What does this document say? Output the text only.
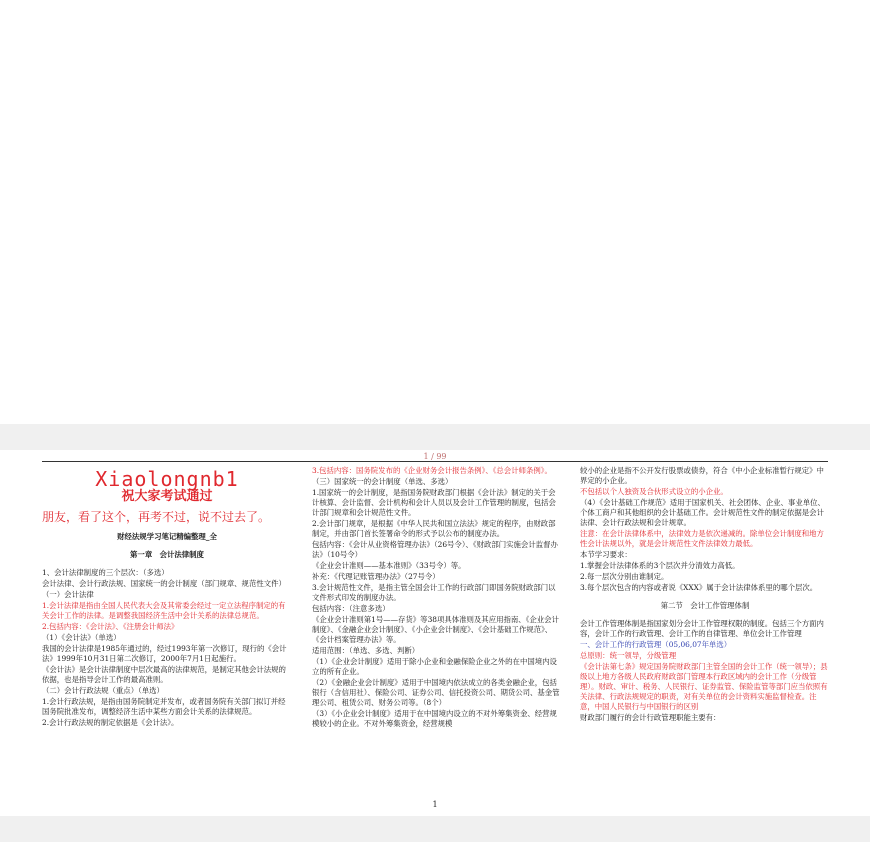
1 / 99
Xiaolongnb1
祝大家考试通过
朋友，看了这个，再考不过，说不过去了。
财经法规学习笔记精编整理_全
第一章　会计法律制度

1、会计法律制度的三个层次：（多选）

会计法律、会计行政法规、国家统一的会计制度（部门规章、规范性文件）

（一）会计法律

1.会计法律是指由全国人民代表大会及其常委会经过一定立法程序制定的有关会计工作的法律。是调整我国经济生活中会计关系的法律总规范。

2.包括内容：《会计法》、《注册会计师法》

（1）《会计法》（单选）

我国的会计法律是1985年通过的，经过1993年第一次修订，现行的《会计法》1999年10月31日第二次修订，2000年7月1日起施行。

《会计法》是会计法律制度中层次最高的法律规范，是制定其他会计法规的依据，也是指导会计工作的最高准则。

（二）会计行政法规（重点）（单选）

1.会计行政法规，是指由国务院制定并发布，或者国务院有关部门拟订并经国务院批准发布，调整经济生活中某些方面会计关系的法律规范。

2.会计行政法规的制定依据是《会计法》。

3.包括内容：国务院发布的《企业财务会计报告条例》、《总会计师条例》。

（三）国家统一的会计制度（单选、多选）

1.国家统一的会计制度，是指国务院财政部门根据《会计法》制定的关于会计核算、会计监督、会计机构和会计人员以及会计工作管理的制度，包括会计部门规章和会计规范性文件。

2.会计部门规章，是根据《中华人民共和国立法法》规定的程序，由财政部制定，并由部门首长签署命令的形式予以公布的制度办法。

包括内容：《会计从业资格管理办法》（26号令）、《财政部门实施会计监督办法》（10号令）

《企业会计准则——基本准则》（33号令）等。

补充：《代理记账管理办法》（27号令）

3.会计规范性文件，是指主管全国会计工作的行政部门即国务院财政部门以文件形式印发的制度办法。

包括内容：（注意多选）

《企业会计准则第1号——存货》等38项具体准则及其应用指南、《企业会计制度》、《金融企业会计制度》、《小企业会计制度》、《会计基础工作规范》、《会计档案管理办法》等。

适用范围：（单选、多选、判断）

（1）《企业会计制度》适用于除小企业和金融保险企业之外的在中国境内设立的所有企业。

（2）《金融企业会计制度》适用于中国境内依法成立的各类金融企业，包括银行（含信用社）、保险公司、证券公司、信托投资公司、期货公司、基金管理公司、租赁公司、财务公司等。（8个）

（3）《小企业会计制度》适用于在中国境内设立的不对外筹集资金、经营规模较小的企业。不对外筹集资金，经营规模

较小的企业是指不公开发行股票或债券，符合《中小企业标准暂行规定》中界定的小企业。

不包括以个人独资及合伙形式设立的小企业。

（4）《会计基础工作规范》适用于国家机关、社会团体、企业、事业单位、个体工商户和其他组织的会计基础工作。会计规范性文件的制定依据是会计法律、会计行政法规和会计规章。

注意：在会计法律体系中，法律效力是依次递减的。除单位会计制度和地方性会计法规以外，就是会计规范性文件法律效力最低。

本节学习要求：

1.掌握会计法律体系的3个层次并分清效力高低。

2.每一层次分别由谁制定。

3.每个层次包含的内容或者说《XXX》属于会计法律体系里的哪个层次。

第二节　会计工作管理体制

会计工作管理体制是指国家划分会计工作管理权限的制度。包括三个方面内容，会计工作的行政管理、会计工作的自律管理、单位会计工作管理

一、会计工作的行政管理（05,06,07年单选）

总原则：统一领导，分级管理

《会计法第七条》规定国务院财政部门主管全国的会计工作（统一领导）；县级以上地方各级人民政府财政部门管理本行政区域内的会计工作（分级管理）。财政、审计、税务、人民银行、证券监管、保险监管等部门应当依照有关法律、行政法规规定的职责，对有关单位的会计资料实施监督检查。注意，中国人民银行与中国银行的区别

财政部门履行的会计行政管理职能主要有：

1
